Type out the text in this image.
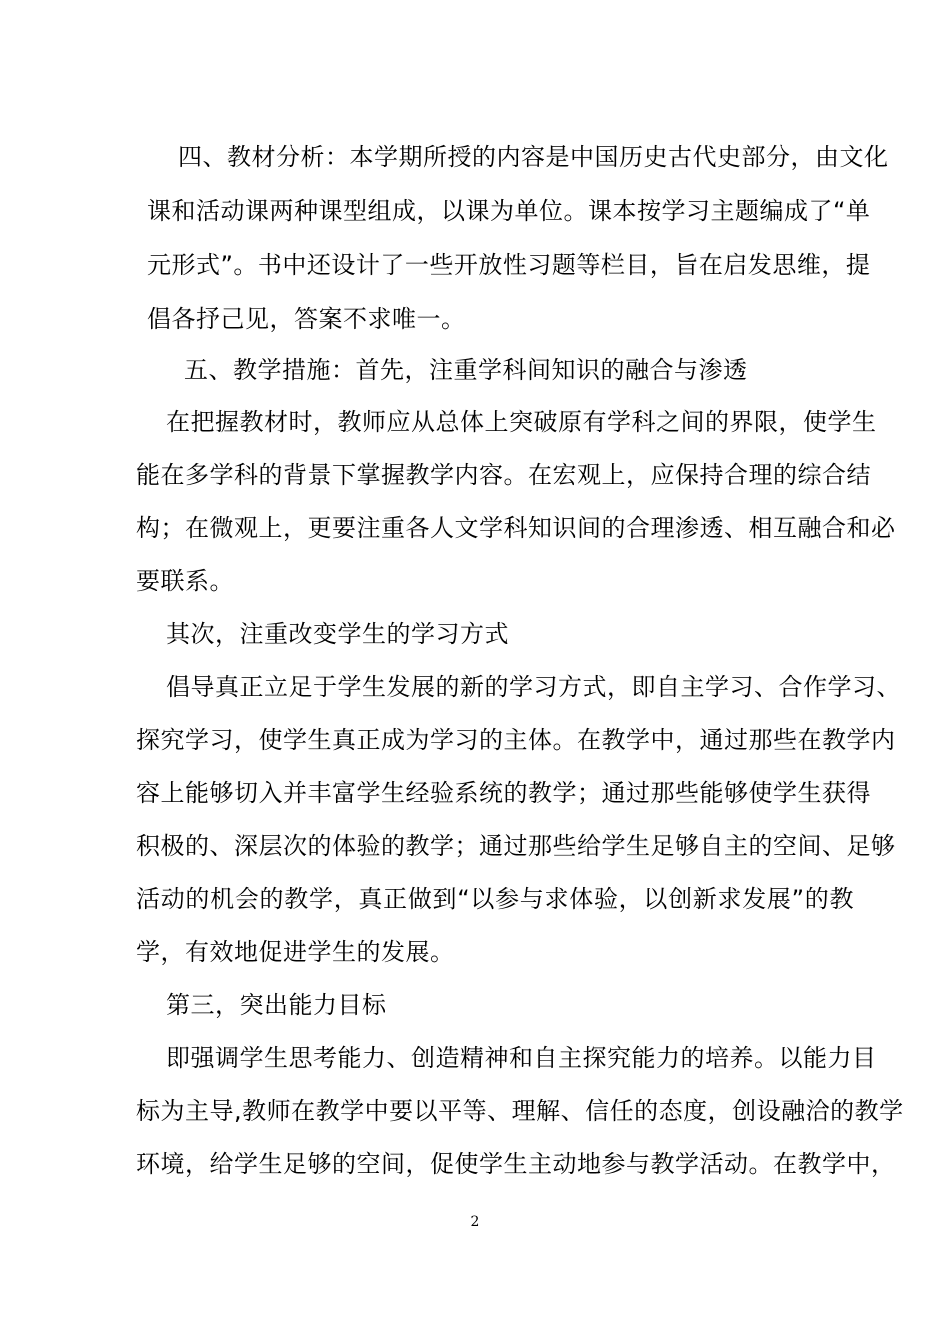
四、教材分析：本学期所授的内容是中国历史古代史部分，由文化
课和活动课两种课型组成，以课为单位。课本按学习主题编成了“单
元形式”。书中还设计了一些开放性习题等栏目，旨在启发思维，提
倡各抒己见，答案不求唯一。
五、教学措施：首先，注重学科间知识的融合与渗透
在把握教材时，教师应从总体上突破原有学科之间的界限，使学生
能在多学科的背景下掌握教学内容。在宏观上，应保持合理的综合结
构；在微观上，更要注重各人文学科知识间的合理渗透、相互融合和必
要联系。
其次，注重改变学生的学习方式
倡导真正立足于学生发展的新的学习方式，即自主学习、合作学习、
探究学习，使学生真正成为学习的主体。在教学中，通过那些在教学内
容上能够切入并丰富学生经验系统的教学；通过那些能够使学生获得
积极的、深层次的体验的教学；通过那些给学生足够自主的空间、足够
活动的机会的教学，真正做到“以参与求体验，以创新求发展”的教
学，有效地促进学生的发展。
第三，突出能力目标
即强调学生思考能力、创造精神和自主探究能力的培养。以能力目
标为主导,教师在教学中要以平等、理解、信任的态度，创设融洽的教学
环境，给学生足够的空间，促使学生主动地参与教学活动。在教学中，
2
